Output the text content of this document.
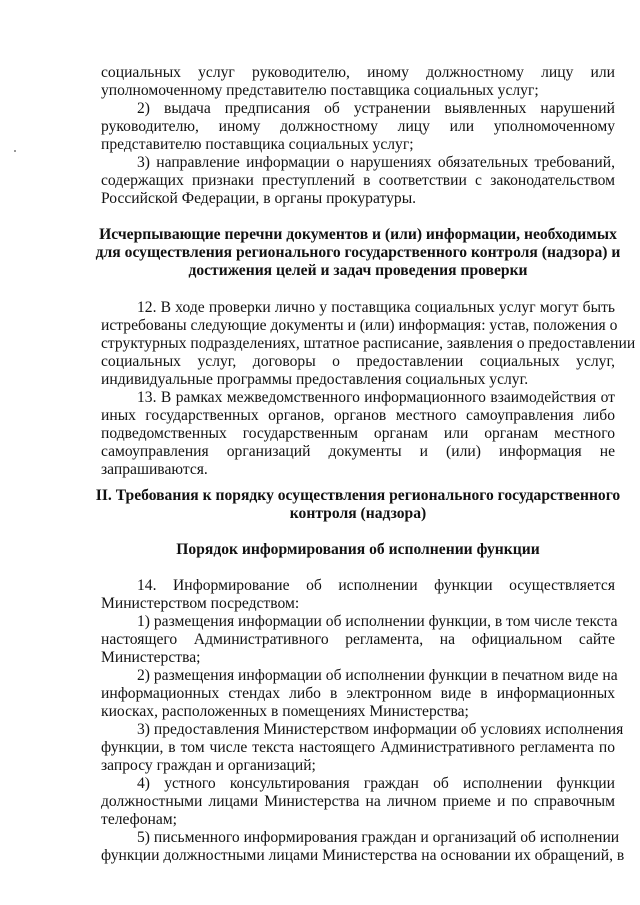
социальных услуг руководителю, иному должностному лицу или
уполномоченному представителю поставщика социальных услуг;
2) выдача предписания об устранении выявленных нарушений
руководителю, иному должностному лицу или уполномоченному
представителю поставщика социальных услуг;
3) направление информации о нарушениях обязательных требований,
содержащих признаки преступлений в соответствии с законодательством
Российской Федерации, в органы прокуратуры.
Исчерпывающие перечни документов и (или) информации, необходимых
для осуществления регионального государственного контроля (надзора) и
достижения целей и задач проведения проверки
12. В ходе проверки лично у поставщика социальных услуг могут быть
истребованы следующие документы и (или) информация: устав, положения о
структурных подразделениях, штатное расписание, заявления о предоставлении
социальных услуг, договоры о предоставлении социальных услуг,
индивидуальные программы предоставления социальных услуг.
13. В рамках межведомственного информационного взаимодействия от
иных государственных органов, органов местного самоуправления либо
подведомственных государственным органам или органам местного
самоуправления организаций документы и (или) информация не
запрашиваются.
II. Требования к порядку осуществления регионального государственного
контроля (надзора)
Порядок информирования об исполнении функции
14. Информирование об исполнении функции осуществляется
Министерством посредством:
1) размещения информации об исполнении функции, в том числе текста
настоящего Административного регламента, на официальном сайте
Министерства;
2) размещения информации об исполнении функции в печатном виде на
информационных стендах либо в электронном виде в информационных
киосках, расположенных в помещениях Министерства;
3) предоставления Министерством информации об условиях исполнения
функции, в том числе текста настоящего Административного регламента по
запросу граждан и организаций;
4) устного консультирования граждан об исполнении функции
должностными лицами Министерства на личном приеме и по справочным
телефонам;
5) письменного информирования граждан и организаций об исполнении
функции должностными лицами Министерства на основании их обращений, в
